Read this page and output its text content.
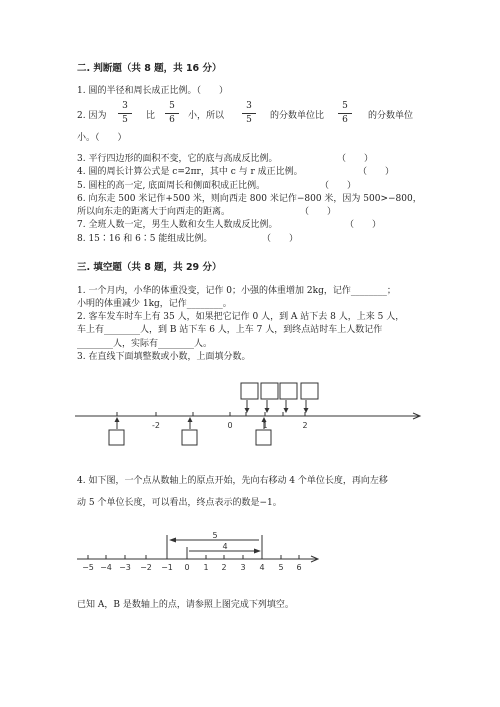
二. 判断题（共 8 题，共 16 分）
1. 圆的半径和周长成正比例。（　　）
2. 因为
3
5	比
5
6	小，所以
3
5	的分数单位比
5
6	的分数单位
小。（　　）
3. 平行四边形的面积不变，它的底与高成反比例。	（　　）
4. 圆的周长计算公式是 c=2πr，其中 c 与 r 成正比例。	（　　）
5. 圆柱的高一定, 底面周长和侧面积成正比例。	（　　）
6. 向东走 500 米记作+500 米，则向西走 800 米记作−800 米，因为 500>−800，
所以向东走的距离大于向西走的距离。	（　　）
7. 全班人数一定，男生人数和女生人数成反比例。	（　　）
8. 15∶16 和 6∶5 能组成比例。	（　　）
三. 填空题（共 8 题，共 29 分）
1. 一个月内，小华的体重没变，记作 0；小强的体重增加 2kg，记作________；
小明的体重减少 1kg，记作________。
2. 客车发车时车上有 35 人，如果把它记作 0 人，到 A 站下去 8 人，上来 5 人，
车上有________人，到 B 站下车 6 人，上车 7 人，到终点站时车上人数记作
________人，实际有________人。
3. 在直线下面填整数或小数，上面填分数。
-2	0	1	2
4. 如下图，一个点从数轴上的原点开始，先向右移动 4 个单位长度，再向左移
动 5 个单位长度，可以看出，终点表示的数是−1。
5
4
−5 −4 −3 −2 −1 0 1 2 3 4 5 6
已知 A，B 是数轴上的点，请参照上图完成下列填空。
